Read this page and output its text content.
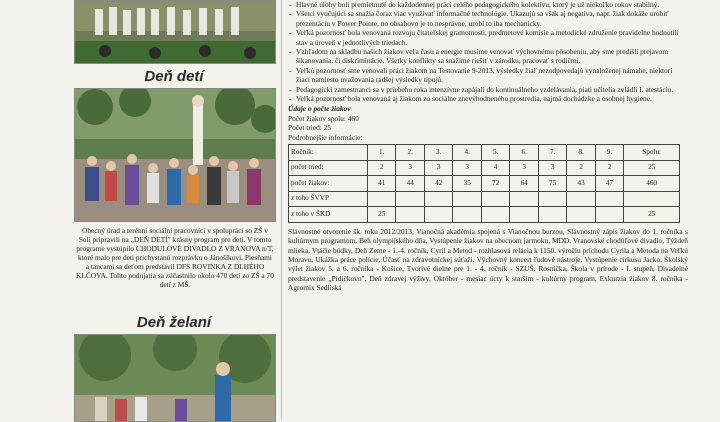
Deň detí
Obecný úrad a terénni sociálni pracovníci v spolupráci so ZŠ v Soli pripravili na „DEŇ DETÍ" krásny program pre deti. V tomto programe vystúpilo CHODULOVÉ DIVADLO Z VRANOVA n/T, ktoré malo pre deti prichystanú rozprávku o Jánošíkovi. Piesňami a tancami sa deťom predstavil DFS ROVINKA Z DLHÉHO KLČOVA. Tohto podujatia sa zúčastnilo okolo 470 detí zo ZŠ a 70 detí z MŠ.
Deň želaní
- Hlavné úlohy boli premietnuté do každodennej práci celého pedagogického kolektívu, ktorý je už niekoľko rokov stabilný.
- Všetci vyučujúci sa snažia čoraz viac využívať informačné technológie. Ukazujú sa však aj negatíva, napr. žiak dokáže urobiť prezentáciu v Power Pointe, no obsahovo je to nesprávne, urobí to iba mechanicky.
- Veľká pozornosť bola venovaná rozvoju čitateľskej gramotnosti, predmetové komisie a metodické združenie pravidelne hodnotili stav a úroveň v jednotlivých triedach.
- Vzhľadom na skladbu našich žiakov veľa času a energie musíme venovať výchovnému pôsobeniu, aby sme predišli prejavom šikanovania, či diskriminácie. Všetky konflikty sa snažíme riešiť v zárodku, pracovať s rodičmi.
- Veľkú pozornosť sme venovali práci žiakom na Testovanie 9-2013, výsledky žiaľ nezodpovedajú vynaloženej námahe, niektorí žiaci namiesto uvažovania radšej výsledky tipujú.
- Pedagogickí zamestnanci sa v priebehu roka intenzívne zapájali do kontinuálneho vzdelávania, piati učitelia zvládli I. atestáciu.
- Veľká pozornosť bola venovaná aj žiakom zo sociálne znevýhodneného prostredia, najmä dochádzke a osobnej hygiene.
Údaje o počte žiakov
Počet žiakov spolu: 460
Počet tried: 25
Podrobnejšie informácie:
Ročník:	1.	2.	3.	4.	5.	6.	7.	8.	9.	Spolu:
počet tried:	2	3	3	3	4	3	3	2	2	25
počet žiakov:	41	44	42	35	72	64	75	43	47	460
z toho ŠVVP										
z toho v ŠKD	25									25
Slávnostné otvorenie šk. roku 2012/2013, Vianočná akadémia spojená s Vianočnou burzou, Slávnostný zápis žiakov do 1. ročníka s kultúrnym programom, Beh olympijského dňa, Vystúpenie žiakov na obecnom jarmoku, MDD, Vranovské chodúľové divadlo, Týždeň mlieka, Vtáčie búdky, Deň Zeme - 1.-4. ročník, Cyril a Metod - rozhlasová relácia k 1150. výročiu príchodu Cyrila a Metoda na Veľkú Moravu, Ukážka práce polície, Účasť na zdravotníckej súťaži, Výchovný koncert ľudové nástroje, Vystúpenie cirkusu Jacko, Školský výlet žiakov 5. a 6. ročníka - Košice, Tvorivé dielne pre 1. - 4. ročník - SZUŠ, Rosnička, Škola v prírode - I. stupeň, Divadelné predstavenie „Pidičkovo", Deň zdravej výživy, Október - mesiac úcty k starším - kultúrny program, Exkurzia žiakov 8. ročníka - Agromix Sedliská
